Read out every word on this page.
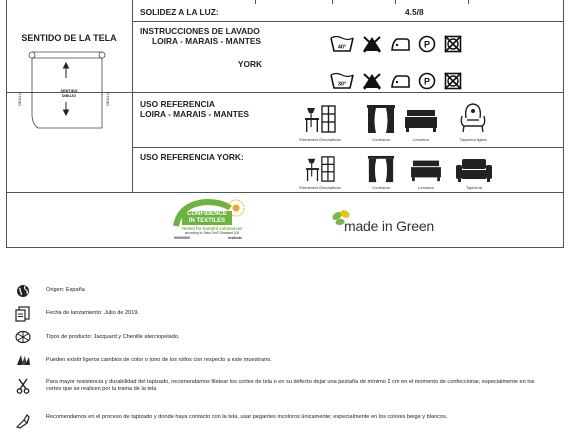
SENTIDO DE LA TELA
SENTIDO
DIBUJO
ORILLO	ORILLO
SOLIDEZ A LA LUZ:	4.5/8
INSTRUCCIONES DE LAVADO
LOIRA - MARAIS - MANTES
YORK
40°	P
30°	P
USO REFERENCIA
LOIRA - MARAIS - MANTES
Elementos Decorativos	Cortinería	Lencería	Tapicería ligera
USO REFERENCIA YORK:
Elementos Decorativos	Cortinería	Lencería	Tapicería
CONFIDENCE
IN TEXTILES
Tested for harmful substances
according to Oeko-Tex® Standard 100
00000000	Institute
made in Green
Origen: España
Fecha de lanzamiento: Julio de 2019.
Tipos de producto: Jacquard y Chenille aterciopelado.
Pueden existir ligeros cambios de color o tono de los rollos con respecto a este muestrario.
Para mayor resistencia y durabilidad del tapizado, recomendamos filetear los cortes de tela o en su defecto dejar una pestaña de mínimo 2 cm en el momento de confeccionar, especialmente en los cortes que se realicen por la trama de la tela
Recomendamos en el proceso de tapizado y donde haya contacto con la tela, usar pegantes incoloros únicamente; especialmente en los colores beige y blancos.
